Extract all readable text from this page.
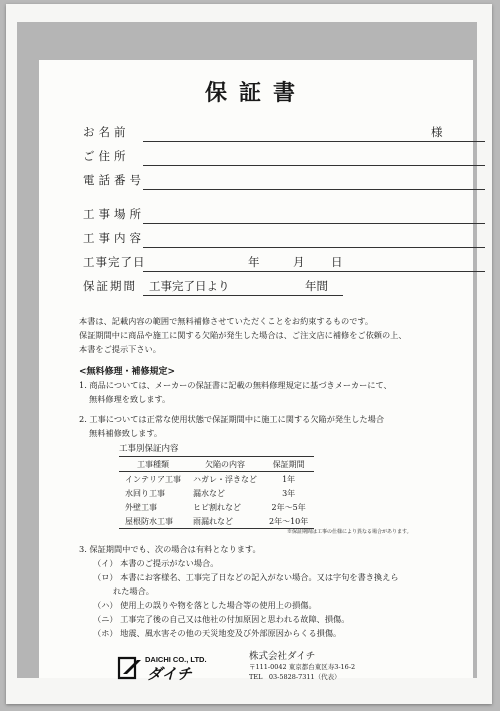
保証書
お名前	様
ご住所
電話番号
工事場所
工事内容
工事完了日	年	月 日
保証期間 工事完了日より	年間
本書は、記載内容の範囲で無料補修させていただくことをお約束するものです。
保証期間中に商品や施工に関する欠陥が発生した場合は、ご注文店に補修をご依頼の上、
本書をご提示下さい。
<無料修理・補修規定>
1. 商品については、メーカーの保証書に記載の無料修理規定に基づきメーカーにて、
無料修理を致します。
2. 工事については正常な使用状態で保証期間中に施工に関する欠陥が発生した場合
無料補修致します。
工事別保証内容
工事種類	欠陥の内容	保証期間
インテリア工事	ハガレ・浮きなど	1年
水回り工事	漏水など	3年
外壁工事	ヒビ割れなど	2年～5年
屋根防水工事	雨漏れなど	2年～10年
※保証期間は工事の仕様により異なる場合があります。
3. 保証期間中でも、次の場合は有料となります。
（イ） 本書のご提示がない場合。
（ロ） 本書にお客様名、工事完了日などの記入がない場合。又は字句を書き換えら
れた場合。
（ハ） 使用上の誤りや物を落とした場合等の使用上の損傷。
（ニ） 工事完了後の自己又は他社の付加原因と思われる故障、損傷。
（ホ） 地震、風水害その他の天災地変及び外部原因からくる損傷。
DAICHI CO., LTD.
ダイチ
株式会社ダイチ
〒111-0042 東京都台東区寿3-16-2
TEL　03-5828-7311（代表）
